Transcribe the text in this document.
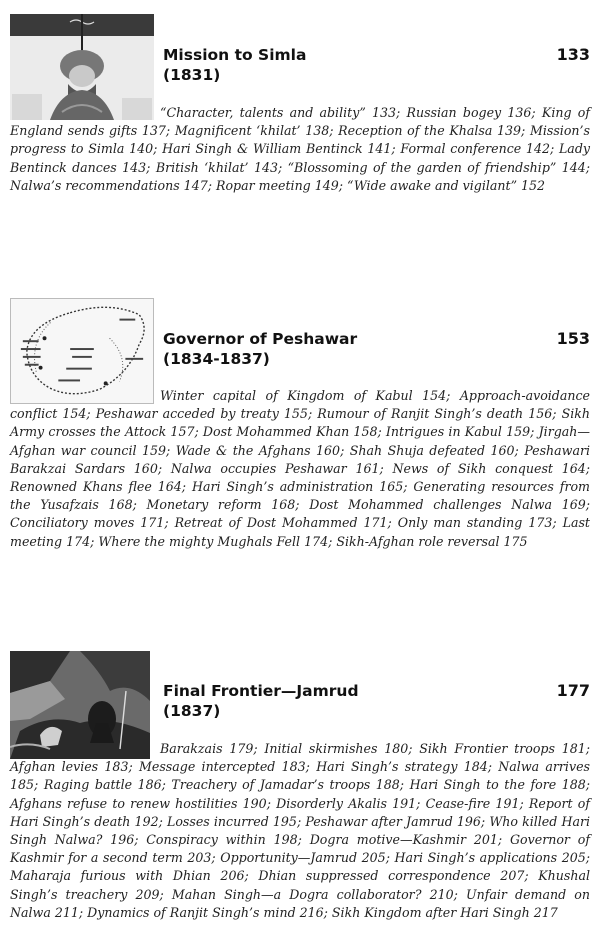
Mission to Simla
(1831)
133

“Character, talents and ability” 133; Russian bogey 136; King of England sends gifts 137; Magnificent ‘khilat’ 138; Reception of the Khalsa 139; Mission’s progress to Simla 140; Hari Singh & William Bentinck 141; Formal conference 142; Lady Bentinck dances 143; British ‘khilat’ 143; “Blossoming of the garden of friendship” 144; Nalwa’s recommendations 147; Ropar meeting 149; “Wide awake and vigilant” 152

Governor of Peshawar
(1834-1837)
153

Winter capital of Kingdom of Kabul 154; Approach-avoidance conflict 154; Peshawar acceded by treaty 155; Rumour of Ranjit Singh’s death 156; Sikh Army crosses the Attock 157; Dost Mohammed Khan 158; Intrigues in Kabul 159; Jirgah—Afghan war council 159; Wade & the Afghans 160; Shah Shuja defeated 160; Peshawari Barakzai Sardars 160; Nalwa occupies Peshawar 161; News of Sikh conquest 164; Renowned Khans flee 164; Hari Singh’s administration 165; Generating resources from the Yusafzais 168; Monetary reform 168; Dost Mohammed challenges Nalwa 169; Conciliatory moves 171; Retreat of Dost Mohammed 171; Only man standing 173; Last meeting 174; Where the mighty Mughals Fell 174; Sikh-Afghan role reversal 175

Final Frontier—Jamrud
(1837)
177

Barakzais 179; Initial skirmishes 180; Sikh Frontier troops 181; Afghan levies 183; Message intercepted 183; Hari Singh’s strategy 184; Nalwa arrives 185; Raging battle 186; Treachery of Jamadar’s troops 188; Hari Singh to the fore 188; Afghans refuse to renew hostilities 190; Disorderly Akalis 191; Cease-fire 191; Report of Hari Singh’s death 192; Losses incurred 195; Peshawar after Jamrud 196; Who killed Hari Singh Nalwa? 196; Conspiracy within 198; Dogra motive—Kashmir 201; Governor of Kashmir for a second term 203; Opportunity—Jamrud 205; Hari Singh’s applications 205; Maharaja furious with Dhian 206; Dhian suppressed correspondence 207; Khushal Singh’s treachery 209; Mahan Singh—a Dogra collaborator? 210; Unfair demand on Nalwa 211; Dynamics of Ranjit Singh’s mind 216; Sikh Kingdom after Hari Singh 217
